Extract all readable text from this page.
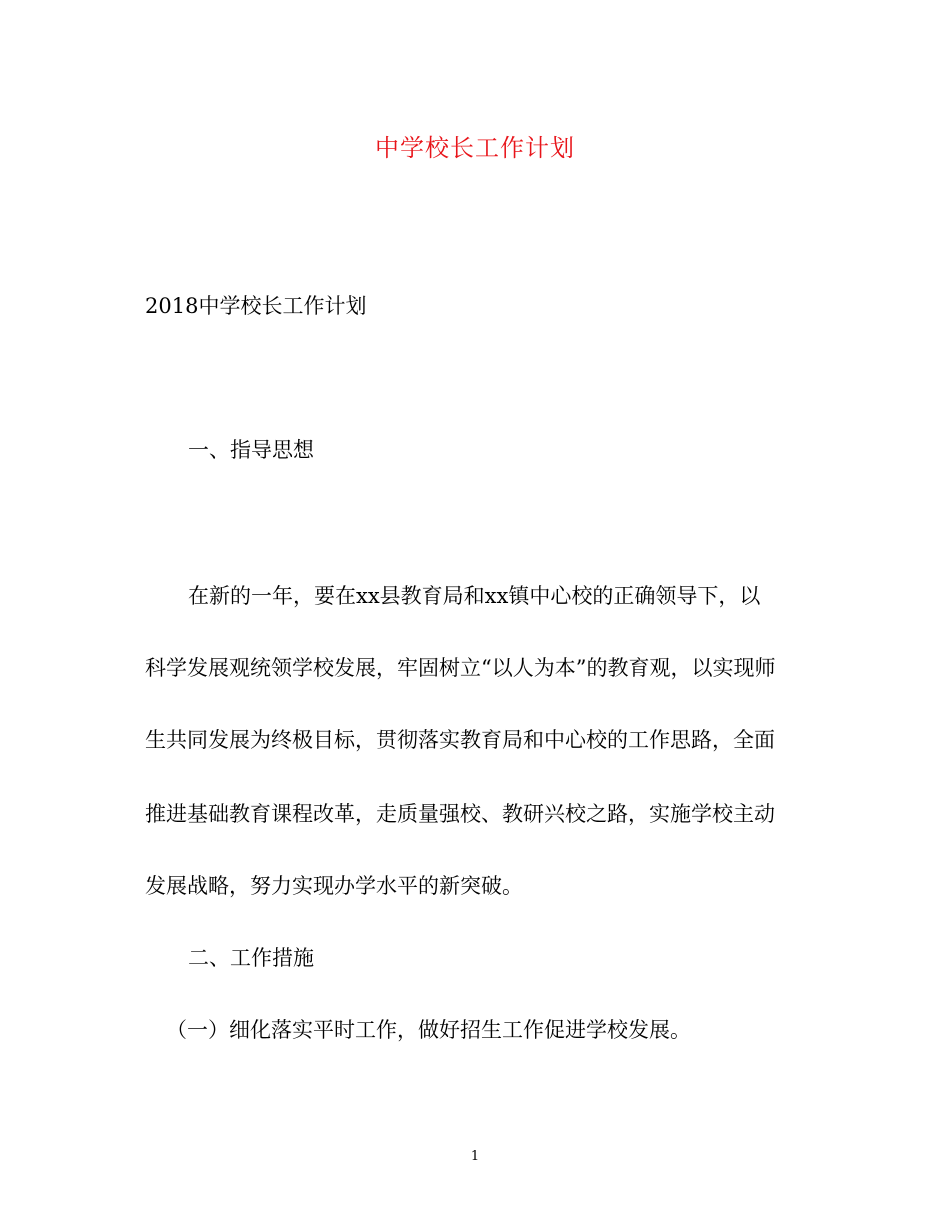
中学校长工作计划
2018中学校长工作计划
一、指导思想
在新的一年，要在xx县教育局和xx镇中心校的正确领导下，以
科学发展观统领学校发展，牢固树立“以人为本”的教育观，以实现师
生共同发展为终极目标，贯彻落实教育局和中心校的工作思路，全面
推进基础教育课程改革，走质量强校、教研兴校之路，实施学校主动
发展战略，努力实现办学水平的新突破。
二、工作措施
（一）细化落实平时工作，做好招生工作促进学校发展。
1
